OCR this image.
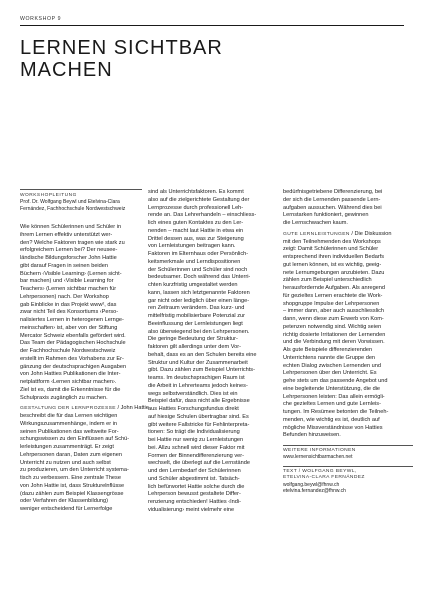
WORKSHOP 9
LERNEN SICHTBAR
MACHEN
WORKSHOPLEITUNG
Prof. Dr. Wolfgang Beywl und Etelvina-Clara
Fernández, Fachhochschule Nordwestschweiz
Wie können Schülerinnen und Schüler in
ihrem Lernen effektiv unterstützt wer-
den? Welche Faktoren tragen wie stark zu
erfolgreichem Lernen bei? Der neusee-
ländische Bildungsforscher John Hattie
gibt darauf Fragen in seinen beiden
Büchern ‹Visible Learning› (Lernen sicht-
bar machen) und ‹Visible Learning for
Teachers› (Lernen sichtbar machen für
Lehrpersonen) nach. Der Workshop
gab Einblicke in das Projekt www², das
zwar nicht Teil des Konsortiums ‹Perso-
nalisiertes Lernen in heterogenen Lernge-
meinschaften› ist, aber von der Stiftung
Mercator Schweiz ebenfalls gefördert wird.
Das Team der Pädagogischen Hochschule
der Fachhochschule Nordwestschweiz
erstellt im Rahmen des Vorhabens zur Er-
gänzung der deutschsprachigen Ausgaben
von John Hatties Publikationen die Inter-
netplattform ‹Lernen sichtbar machen›.
Ziel ist es, damit die Erkenntnisse für die
Schulpraxis zugänglich zu machen.
GESTALTUNG DER LERNPROZESSE / John Hattie
beschreibt die für das Lernen wichtigen
Wirkungszusammenhänge, indem er in
seinen Publikationen das weltweite For-
schungswissen zu den Einflüssen auf Schü-
lerleistungen zusammenträgt. Er zeigt
Lehrpersonen daran, Daten zum eigenen
Unterricht zu nutzen und auch selbst
zu produzieren, um den Unterricht systema-
tisch zu verbessern. Eine zentrale These
von John Hattie ist, dass Strukturelnflüsse
(dazu zählen zum Beispiel Klassengrösse
oder Verfahren der Klassenbildung)
weniger entscheidend für Lernerfolge
sind als Unterrichtsfaktoren. Es kommt
also auf die zielgerichtete Gestaltung der
Lernprozesse durch professionell Leh-
rende an. Das Lehrerhandeln – einschliess-
lich eines guten Kontaktes zu den Ler-
nenden – macht laut Hattie in etwa ein
Drittel dessen aus, was zur Steigerung
von Lernleistungen beitragen kann.
Faktoren im Elternhaus oder Persönlich-
keitsmerkmale und Lerndispositionen
der Schülerinnen und Schüler sind noch
bedeutsamer. Doch während das Unterri-
chten kurzfristig umgestaltet werden
kann, lassen sich letztgenannte Faktoren
gar nicht oder lediglich über einen länge-
ren Zeitraum verändern. Das kurz- und
mittelfristig mobilisierbare Potenzial zur
Beeinflussung der Lernleistungen liegt
also überwiegend bei den Lehrpersonen.
Die geringe Bedeutung der Struktur-
faktoren gilt allerdings unter dem Vor-
behalt, dass es an den Schulen bereits eine
Struktur und Kultur der Zusammenarbeit
gibt. Dazu zählen zum Beispiel Unterrichts-
teams. Im deutschsprachigen Raum ist
die Arbeit in Lehrerteams jedoch keines-
wegs selbstverständlich. Dies ist ein
Beispiel dafür, dass nicht alle Ergebnisse
aus Hatties Forschungsfundus direkt
auf hiesige Schulen übertragbar sind. Es
gibt weitere Fallstricke für Fehlinterpreta-
tionen: So trägt die Individualisierung
bei Hattie nur wenig zu Lernleistungen
bei. Allzu schnell wird dieser Faktor mit
Formen der Binnendifferenzierung ver-
wechselt, die überlegt auf die Lernstände
und den Lernbedarf der Schülerinnen
und Schüler abgestimmt ist. Tatsäch-
lich befürwortet Hattie solche durch die
Lehrperson bewusst gestaltete Differ-
renzierung entschieden! Hatties ‹Indi-
vidualisierung› meint vielmehr eine
bedürfnisgetriebene Differenzierung, bei
der sich die Lernenden passende Lern-
aufgaben aussuchen. Während dies bei
Lernstarken funktioniert, gewinnen
die Lernschwachen kaum.
GUTE LERNLEISTUNGEN / Die Diskussion
mit den Teilnehmenden des Workshops
zeigt: Damit Schülerinnen und Schüler
entsprechend ihren individuellen Bedarfs
gut lernen können, ist es wichtig, geeig-
nete Lernumgebungen anzubieten. Dazu
zählen zum Beispiel unterschiedlich
herausfordernde Aufgaben. Als anregend
für gezieltes Lernen erachtete die Work-
shopgruppe Impulse der Lehrpersonen
– immer dann, aber auch ausschliesslich
dann, wenn diese zum Erwerb von Kom-
petenzen notwendig sind. Wichtig seien
richtig dosierte Irritationen der Lernenden
und die Verbindung mit deren Vorwissen.
Als gute Beispiele differenzierenden
Unterrichtens nannte die Gruppe den
echten Dialog zwischen Lernenden und
Lehrpersonen über den Unterricht. Es
gehe stets um das passende Angebot und
eine begleitende Unterstützung, die die
Lehrpersonen leisten: Das allein ermögli-
che gezieltes Lernen und gute Lernleis-
tungen. Im Resümee betonten die Teilneh-
menden, wie wichtig es ist, deutlich auf
mögliche Missverständnisse von Hatties
Befunden hinzuweisen.
WEITERE INFORMATIONEN
www.lernensichtbarmachen.net
TEXT / WOLFGANG BEYWL,
ETELVINA-CLARA FERNÁNDEZ
wolfgang.beywl@fhnw.ch
etelvina.fernandez@fhnw.ch
